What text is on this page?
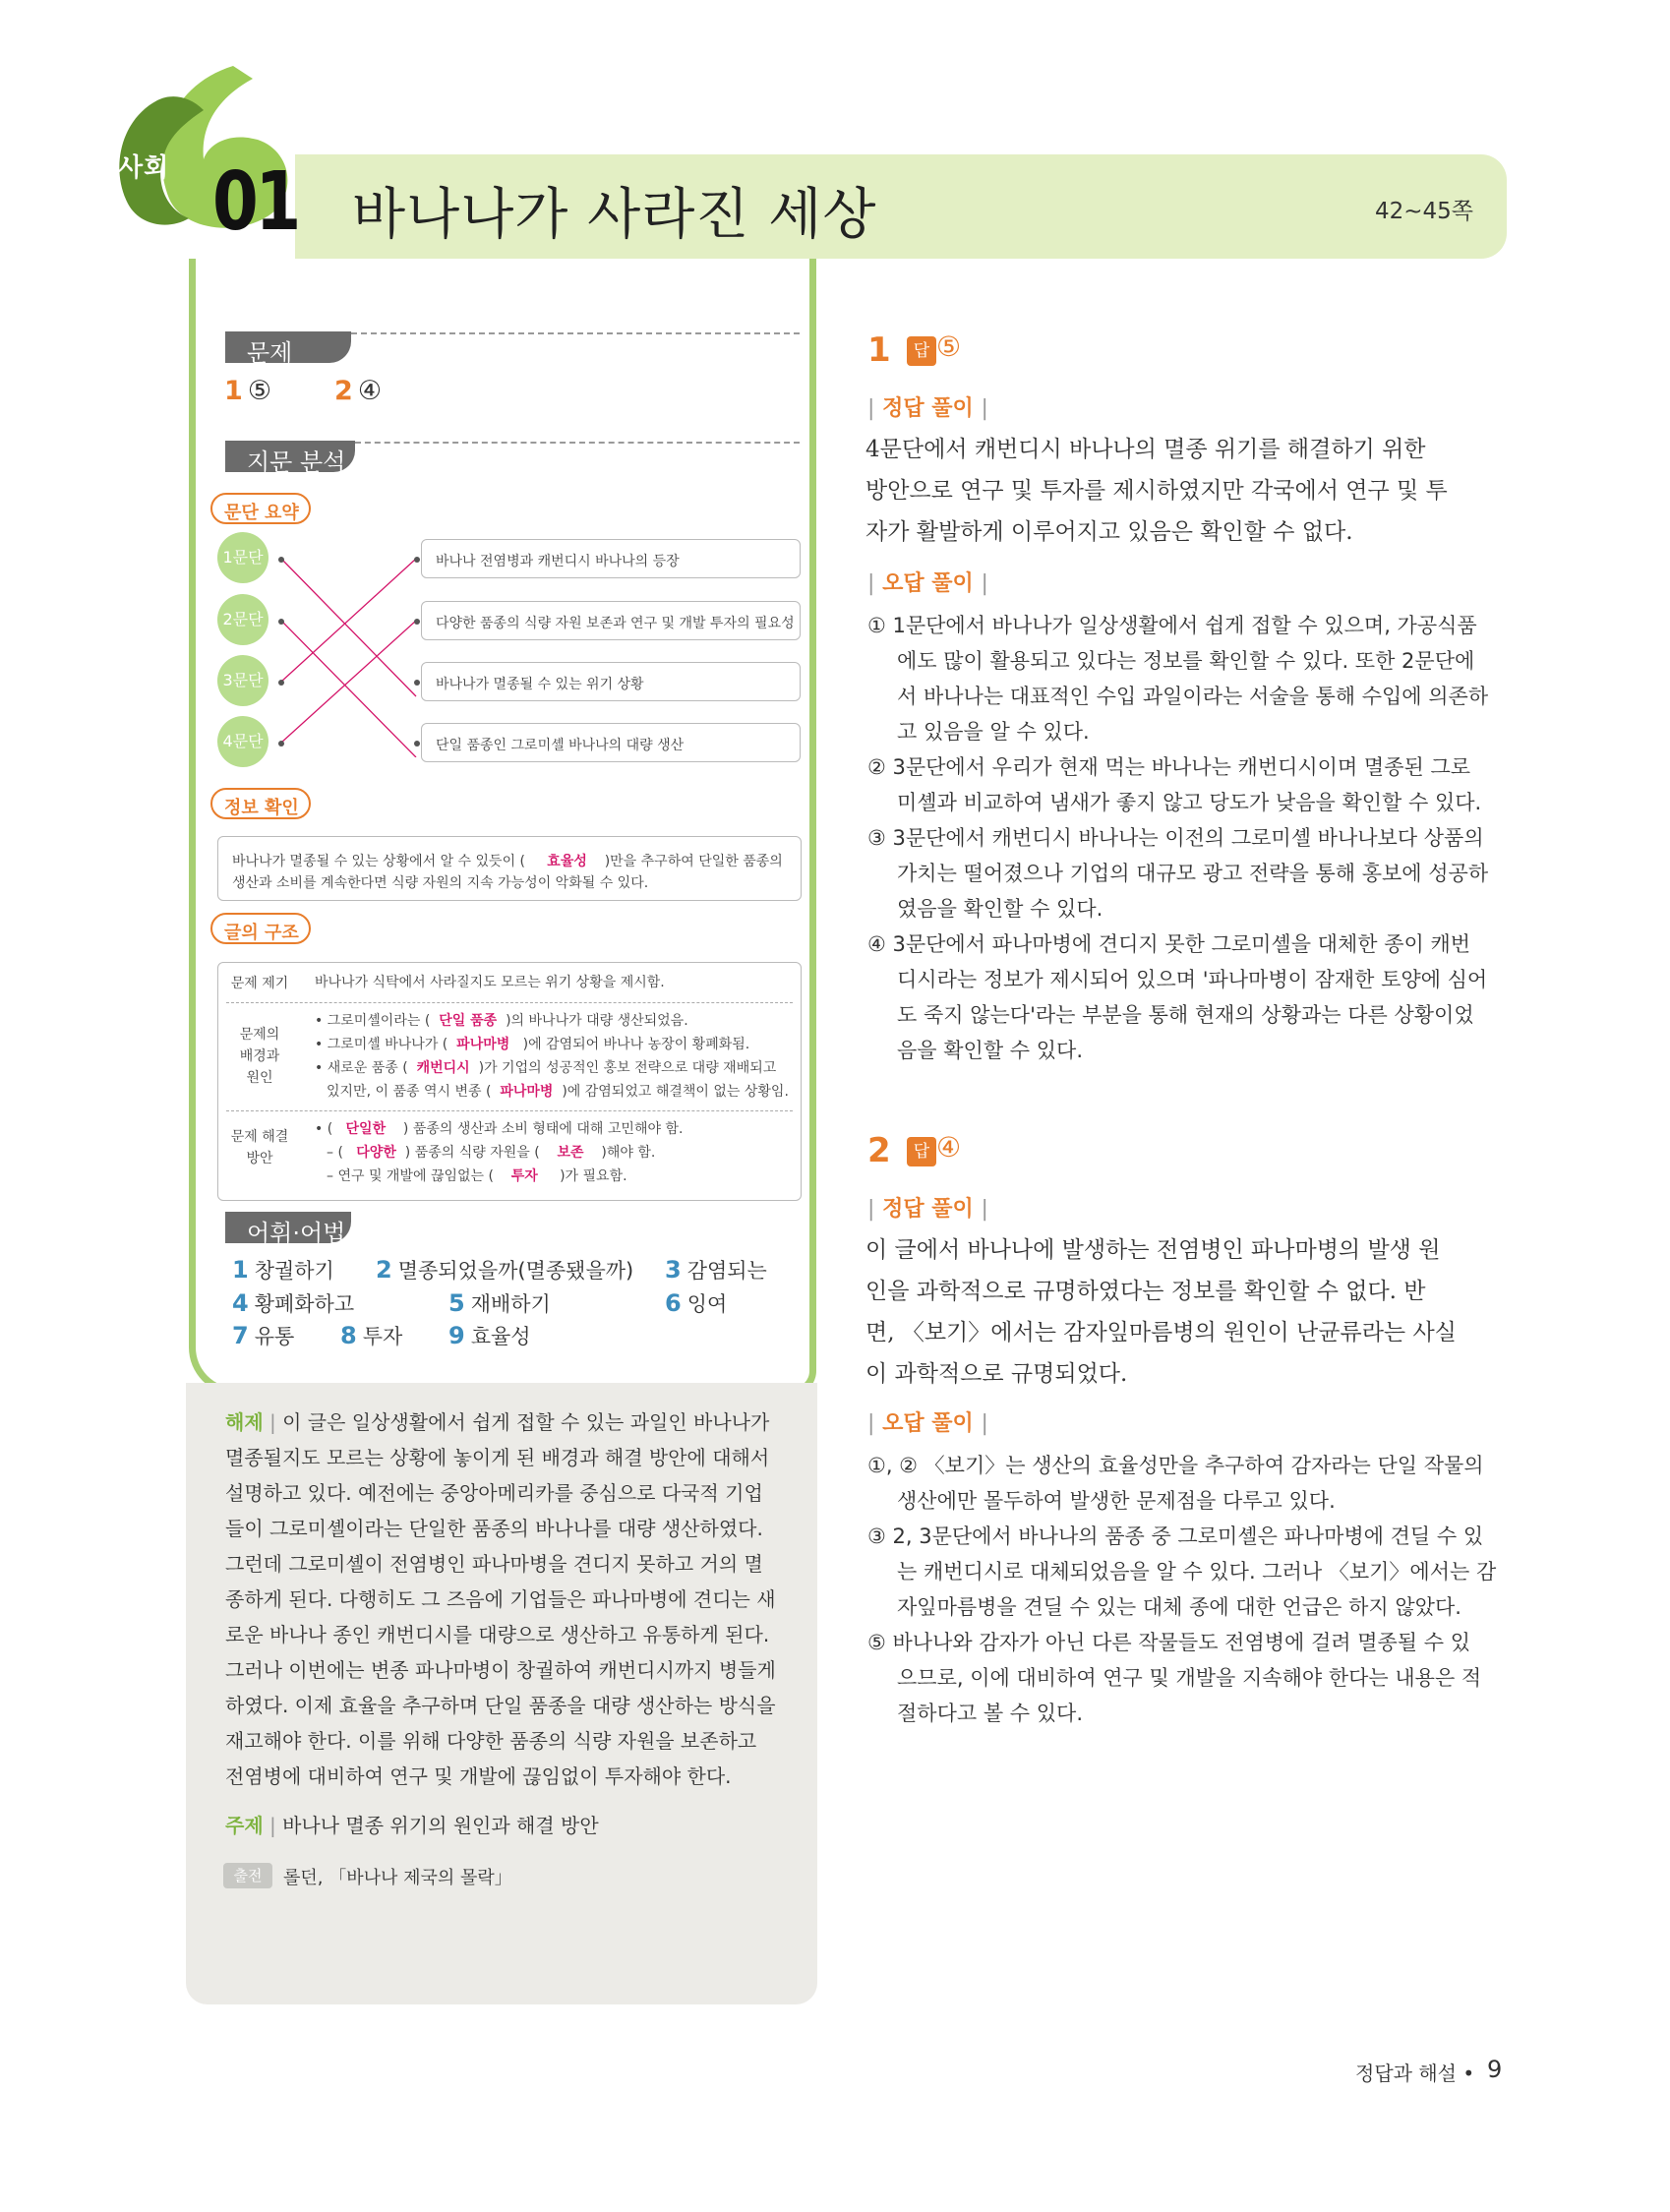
사회 01 바나나가 사라진 세상	42~45쪽
문제
1 ⑤ 2 ④
지문 분석
문단 요약
1문단
2문단
3문단
4문단
바나나 전염병과 캐번디시 바나나의 등장
다양한 품종의 식량 자원 보존과 연구 및 개발 투자의 필요성
바나나가 멸종될 수 있는 위기 상황
단일 품종인 그로미셸 바나나의 대량 생산
정보 확인
바나나가 멸종될 수 있는 상황에서 알 수 있듯이 ( 효율성 )만을 추구하여 단일한 품종의
생산과 소비를 계속한다면 식량 자원의 지속 가능성이 악화될 수 있다.
글의 구조
문제 제기	바나나가 식탁에서 사라질지도 모르는 위기 상황을 제시함.
문제의
배경과
원인
• 그로미셸이라는 ( 단일 품종 )의 바나나가 대량 생산되었음.
• 그로미셸 바나나가 ( 파나마병 )에 감염되어 바나나 농장이 황폐화됨.
• 새로운 품종 ( 캐번디시 )가 기업의 성공적인 홍보 전략으로 대량 재배되고
있지만, 이 품종 역시 변종 ( 파나마병 )에 감염되었고 해결책이 없는 상황임.
문제 해결
방안
• ( 단일한 ) 품종의 생산과 소비 형태에 대해 고민해야 함.
– ( 다양한 ) 품종의 식량 자원을 ( 보존 )해야 함.
– 연구 및 개발에 끊임없는 ( 투자 )가 필요함.
어휘·어법
1 창궐하기 2 멸종되었을까(멸종됐을까) 3 감염되는
4 황폐화하고	5 재배하기	6 잉여
7 유통 8 투자 9 효율성
해제 | 이 글은 일상생활에서 쉽게 접할 수 있는 과일인 바나나가
멸종될지도 모르는 상황에 놓이게 된 배경과 해결 방안에 대해서
설명하고 있다. 예전에는 중앙아메리카를 중심으로 다국적 기업
들이 그로미셸이라는 단일한 품종의 바나나를 대량 생산하였다.
그런데 그로미셸이 전염병인 파나마병을 견디지 못하고 거의 멸
종하게 된다. 다행히도 그 즈음에 기업들은 파나마병에 견디는 새
로운 바나나 종인 캐번디시를 대량으로 생산하고 유통하게 된다.
그러나 이번에는 변종 파나마병이 창궐하여 캐번디시까지 병들게
하였다. 이제 효율을 추구하며 단일 품종을 대량 생산하는 방식을
재고해야 한다. 이를 위해 다양한 품종의 식량 자원을 보존하고
전염병에 대비하여 연구 및 개발에 끊임없이 투자해야 한다.
주제 | 바나나 멸종 위기의 원인과 해결 방안
출전	롤던, 「바나나 제국의 몰락」
1	답 ⑤
| 정답 풀이 |
4문단에서 캐번디시 바나나의 멸종 위기를 해결하기 위한
방안으로 연구 및 투자를 제시하였지만 각국에서 연구 및 투
자가 활발하게 이루어지고 있음은 확인할 수 없다.
| 오답 풀이 |
① 1문단에서 바나나가 일상생활에서 쉽게 접할 수 있으며, 가공식품
에도 많이 활용되고 있다는 정보를 확인할 수 있다. 또한 2문단에
서 바나나는 대표적인 수입 과일이라는 서술을 통해 수입에 의존하
고 있음을 알 수 있다.
② 3문단에서 우리가 현재 먹는 바나나는 캐번디시이며 멸종된 그로
미셸과 비교하여 냄새가 좋지 않고 당도가 낮음을 확인할 수 있다.
③ 3문단에서 캐번디시 바나나는 이전의 그로미셸 바나나보다 상품의
가치는 떨어졌으나 기업의 대규모 광고 전략을 통해 홍보에 성공하
였음을 확인할 수 있다.
④ 3문단에서 파나마병에 견디지 못한 그로미셸을 대체한 종이 캐번
디시라는 정보가 제시되어 있으며 '파나마병이 잠재한 토양에 심어
도 죽지 않는다'라는 부분을 통해 현재의 상황과는 다른 상황이었
음을 확인할 수 있다.
2	답 ④
| 정답 풀이 |
이 글에서 바나나에 발생하는 전염병인 파나마병의 발생 원
인을 과학적으로 규명하였다는 정보를 확인할 수 없다. 반
면, 〈보기〉에서는 감자잎마름병의 원인이 난균류라는 사실
이 과학적으로 규명되었다.
| 오답 풀이 |
①, ② 〈보기〉는 생산의 효율성만을 추구하여 감자라는 단일 작물의
생산에만 몰두하여 발생한 문제점을 다루고 있다.
③ 2, 3문단에서 바나나의 품종 중 그로미셸은 파나마병에 견딜 수 있
는 캐번디시로 대체되었음을 알 수 있다. 그러나 〈보기〉에서는 감
자잎마름병을 견딜 수 있는 대체 종에 대한 언급은 하지 않았다.
⑤ 바나나와 감자가 아닌 다른 작물들도 전염병에 걸려 멸종될 수 있
으므로, 이에 대비하여 연구 및 개발을 지속해야 한다는 내용은 적
절하다고 볼 수 있다.
정답과 해설 • 9
